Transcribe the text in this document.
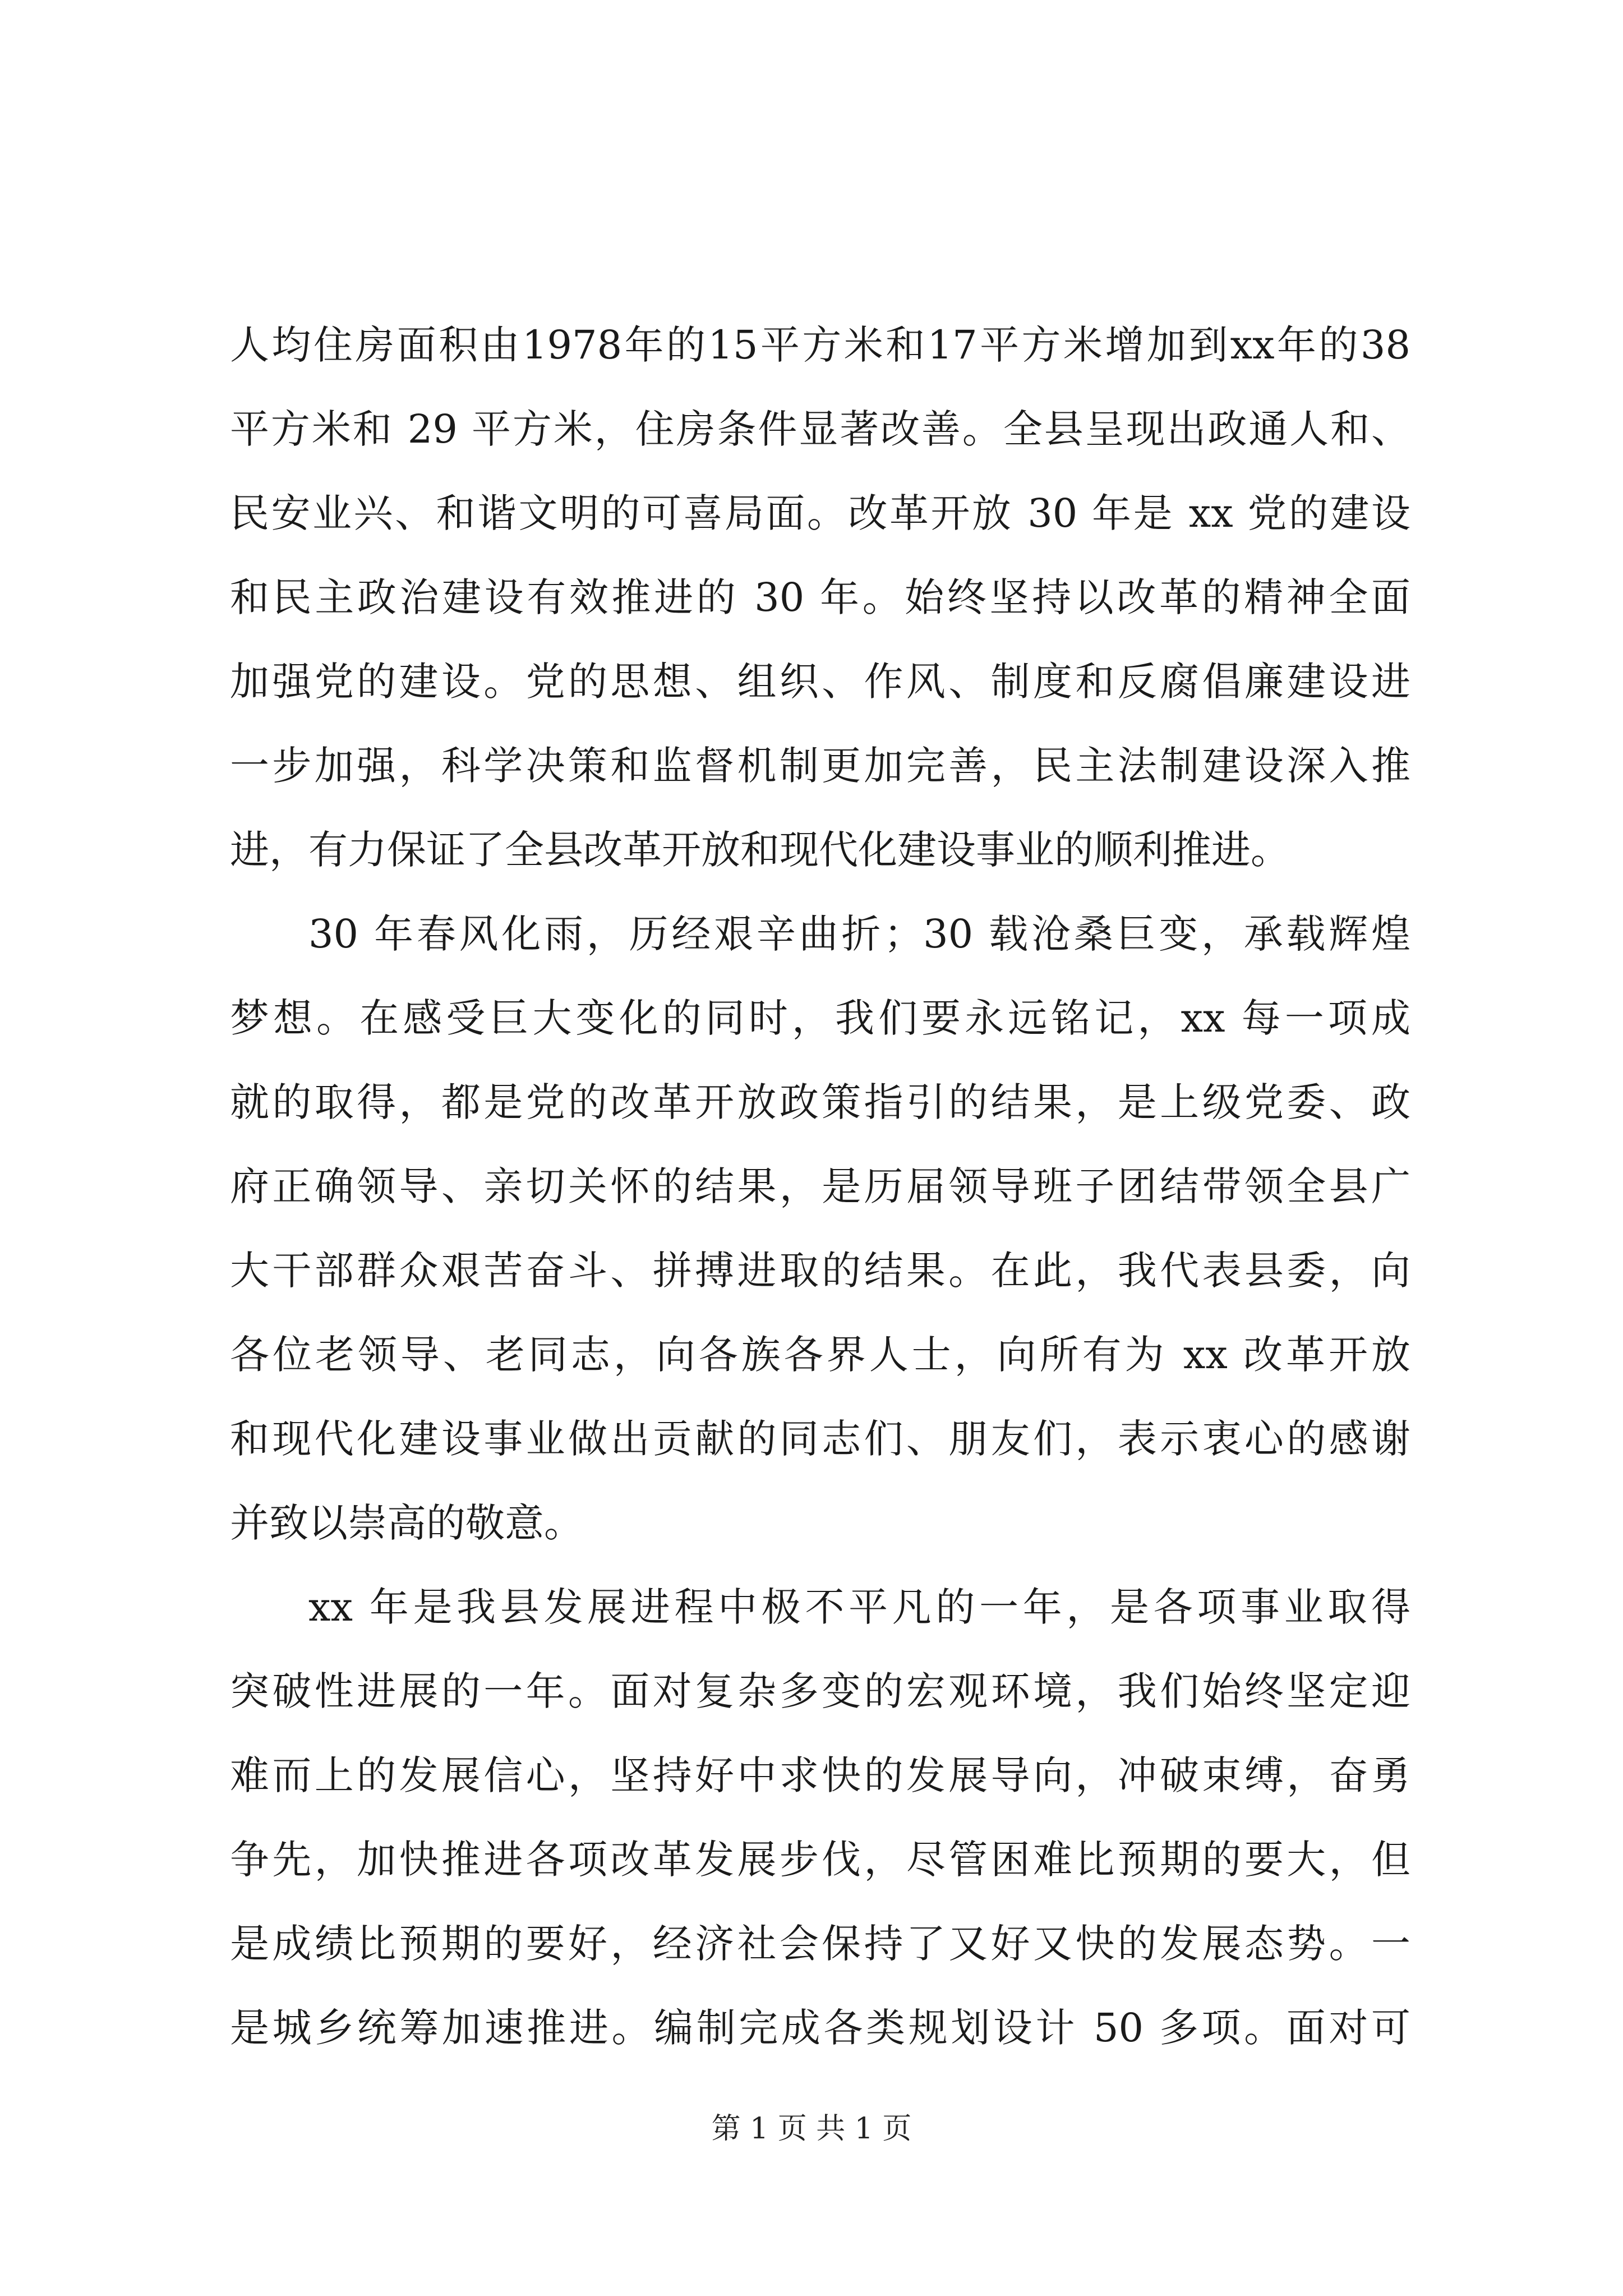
人均住房面积由1978年的15平方米和17平方米增加到xx年的38
平方米和 29 平方米，住房条件显著改善。全县呈现出政通人和、
民安业兴、和谐文明的可喜局面。改革开放 30 年是 xx 党的建设
和民主政治建设有效推进的 30 年。始终坚持以改革的精神全面
加强党的建设。党的思想、组织、作风、制度和反腐倡廉建设进
一步加强，科学决策和监督机制更加完善，民主法制建设深入推
进，有力保证了全县改革开放和现代化建设事业的顺利推进。
30 年春风化雨，历经艰辛曲折；30 载沧桑巨变，承载辉煌
梦想。在感受巨大变化的同时，我们要永远铭记，xx 每一项成
就的取得，都是党的改革开放政策指引的结果，是上级党委、政
府正确领导、亲切关怀的结果，是历届领导班子团结带领全县广
大干部群众艰苦奋斗、拼搏进取的结果。在此，我代表县委，向
各位老领导、老同志，向各族各界人士，向所有为 xx 改革开放
和现代化建设事业做出贡献的同志们、朋友们，表示衷心的感谢
并致以崇高的敬意。
xx 年是我县发展进程中极不平凡的一年，是各项事业取得
突破性进展的一年。面对复杂多变的宏观环境，我们始终坚定迎
难而上的发展信心，坚持好中求快的发展导向，冲破束缚，奋勇
争先，加快推进各项改革发展步伐，尽管困难比预期的要大，但
是成绩比预期的要好，经济社会保持了又好又快的发展态势。一
是城乡统筹加速推进。编制完成各类规划设计 50 多项。面对可
第 1 页 共 1 页
